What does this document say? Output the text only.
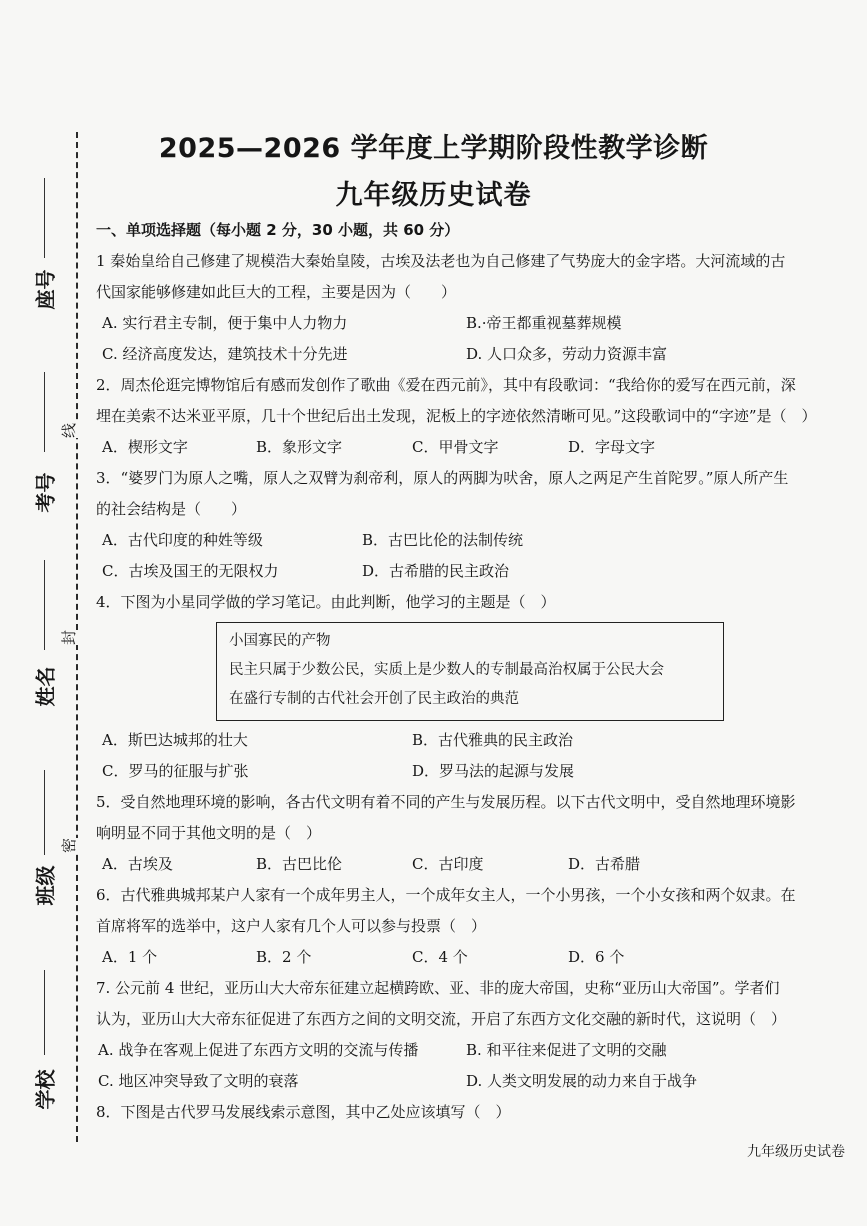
座号
考号
姓名
班级
学校
线
封
密
2025—2026 学年度上学期阶段性教学诊断
九年级历史试卷
一、单项选择题（每小题 2 分，30 小题，共 60 分）
1 秦始皇给自己修建了规模浩大秦始皇陵，古埃及法老也为自己修建了气势庞大的金字塔。大河流域的古
代国家能够修建如此巨大的工程，主要是因为（　　）
A. 实行君主专制，便于集中人力物力	B.·帝王都重视墓葬规模
C. 经济高度发达，建筑技术十分先进	D. 人口众多，劳动力资源丰富
2．周杰伦逛完博物馆后有感而发创作了歌曲《爱在西元前》，其中有段歌词：“我给你的爱写在西元前，深
埋在美索不达米亚平原，几十个世纪后出土发现，泥板上的字迹依然清晰可见。”这段歌词中的“字迹”是（　）
A．楔形文字	B．象形文字	C．甲骨文字	D．字母文字
3．“婆罗门为原人之嘴，原人之双臂为刹帝利，原人的两脚为吠舍，原人之两足产生首陀罗。”原人所产生
的社会结构是（　　）
A．古代印度的种姓等级	B．古巴比伦的法制传统
C．古埃及国王的无限权力	D．古希腊的民主政治
4．下图为小星同学做的学习笔记。由此判断，他学习的主题是（　）
小国寡民的产物
民主只属于少数公民，实质上是少数人的专制最高治权属于公民大会
在盛行专制的古代社会开创了民主政治的典范
A．斯巴达城邦的壮大	B．古代雅典的民主政治
C．罗马的征服与扩张	D．罗马法的起源与发展
5．受自然地理环境的影响，各古代文明有着不同的产生与发展历程。以下古代文明中，受自然地理环境影
响明显不同于其他文明的是（　）
A．古埃及	B．古巴比伦	C．古印度	D．古希腊
6．古代雅典城邦某户人家有一个成年男主人，一个成年女主人，一个小男孩，一个小女孩和两个奴隶。在
首席将军的选举中，这户人家有几个人可以参与投票（　）
A．1 个	B．2 个	C．4 个	D．6 个
7. 公元前 4 世纪，亚历山大大帝东征建立起横跨欧、亚、非的庞大帝国，史称“亚历山大帝国”。学者们
认为，亚历山大大帝东征促进了东西方之间的文明交流，开启了东西方文化交融的新时代，这说明（　）
A. 战争在客观上促进了东西方文明的交流与传播	B. 和平往来促进了文明的交融
C. 地区冲突导致了文明的衰落	D. 人类文明发展的动力来自于战争
8．下图是古代罗马发展线索示意图，其中乙处应该填写（　）
九年级历史试卷
